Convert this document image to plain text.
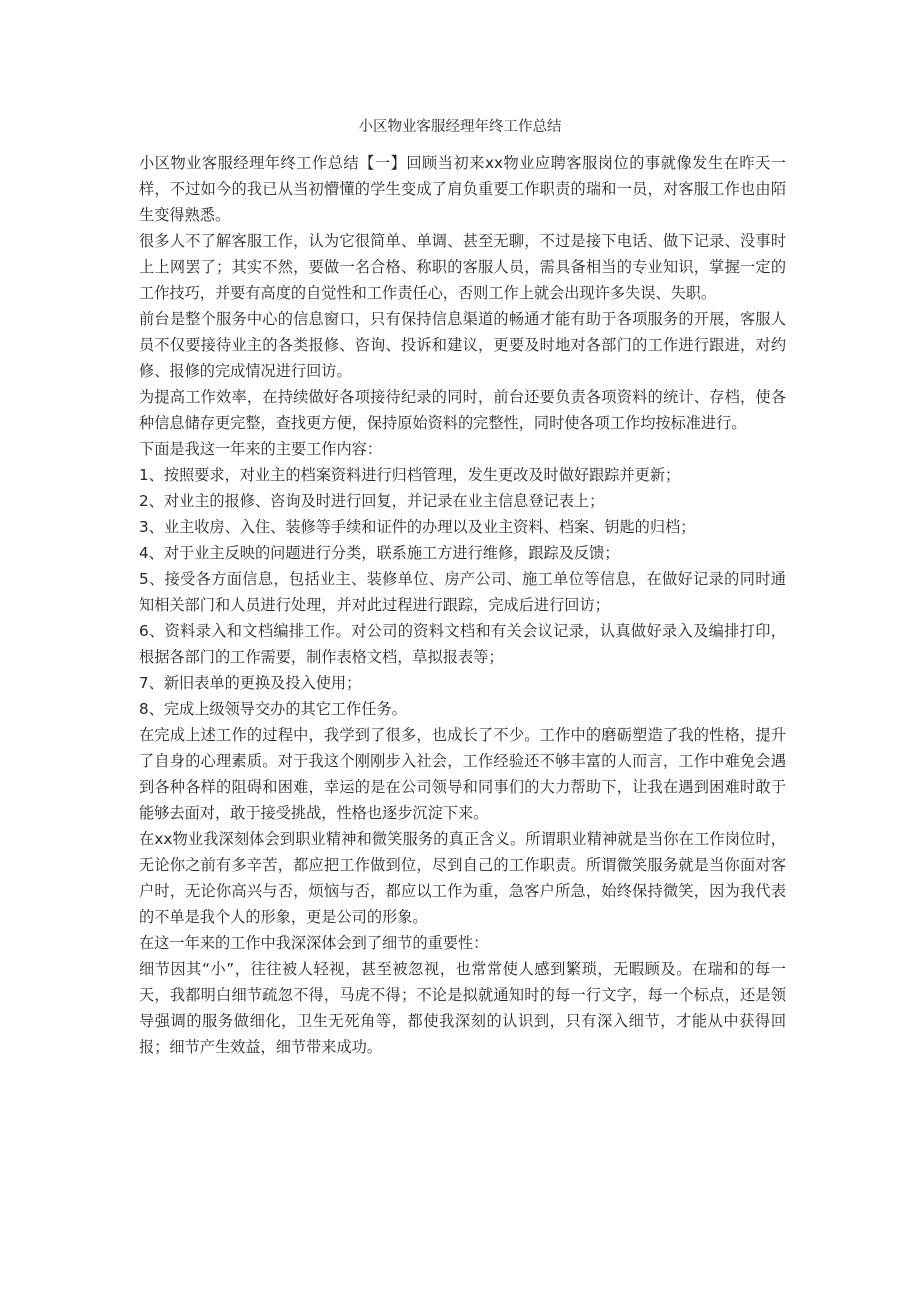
小区物业客服经理年终工作总结

小区物业客服经理年终工作总结【一】回顾当初来xx物业应聘客服岗位的事就像发生在昨天一样，不过如今的我已从当初懵懂的学生变成了肩负重要工作职责的瑞和一员，对客服工作也由陌生变得熟悉。

很多人不了解客服工作，认为它很简单、单调、甚至无聊，不过是接下电话、做下记录、没事时上上网罢了；其实不然，要做一名合格、称职的客服人员，需具备相当的专业知识，掌握一定的工作技巧，并要有高度的自觉性和工作责任心，否则工作上就会出现许多失误、失职。

前台是整个服务中心的信息窗口，只有保持信息渠道的畅通才能有助于各项服务的开展，客服人员不仅要接待业主的各类报修、咨询、投诉和建议，更要及时地对各部门的工作进行跟进，对约修、报修的完成情况进行回访。

为提高工作效率，在持续做好各项接待纪录的同时，前台还要负责各项资料的统计、存档，使各种信息储存更完整，查找更方便，保持原始资料的完整性，同时使各项工作均按标准进行。

下面是我这一年来的主要工作内容：

1、按照要求，对业主的档案资料进行归档管理，发生更改及时做好跟踪并更新；

2、对业主的报修、咨询及时进行回复，并记录在业主信息登记表上；

3、业主收房、入住、装修等手续和证件的办理以及业主资料、档案、钥匙的归档；

4、对于业主反映的问题进行分类，联系施工方进行维修，跟踪及反馈；

5、接受各方面信息，包括业主、装修单位、房产公司、施工单位等信息，在做好记录的同时通知相关部门和人员进行处理，并对此过程进行跟踪，完成后进行回访；

6、资料录入和文档编排工作。对公司的资料文档和有关会议记录，认真做好录入及编排打印，根据各部门的工作需要，制作表格文档，草拟报表等；

7、新旧表单的更换及投入使用；

8、完成上级领导交办的其它工作任务。

在完成上述工作的过程中，我学到了很多，也成长了不少。工作中的磨砺塑造了我的性格，提升了自身的心理素质。对于我这个刚刚步入社会，工作经验还不够丰富的人而言，工作中难免会遇到各种各样的阻碍和困难，幸运的是在公司领导和同事们的大力帮助下，让我在遇到困难时敢于能够去面对，敢于接受挑战，性格也逐步沉淀下来。

在xx物业我深刻体会到职业精神和微笑服务的真正含义。所谓职业精神就是当你在工作岗位时，无论你之前有多辛苦，都应把工作做到位，尽到自己的工作职责。所谓微笑服务就是当你面对客户时，无论你高兴与否，烦恼与否，都应以工作为重，急客户所急，始终保持微笑，因为我代表的不单是我个人的形象，更是公司的形象。

在这一年来的工作中我深深体会到了细节的重要性：

细节因其“小”，往往被人轻视，甚至被忽视，也常常使人感到繁琐，无暇顾及。在瑞和的每一天，我都明白细节疏忽不得，马虎不得；不论是拟就通知时的每一行文字，每一个标点，还是领导强调的服务做细化，卫生无死角等，都使我深刻的认识到，只有深入细节，才能从中获得回报；细节产生效益，细节带来成功。
